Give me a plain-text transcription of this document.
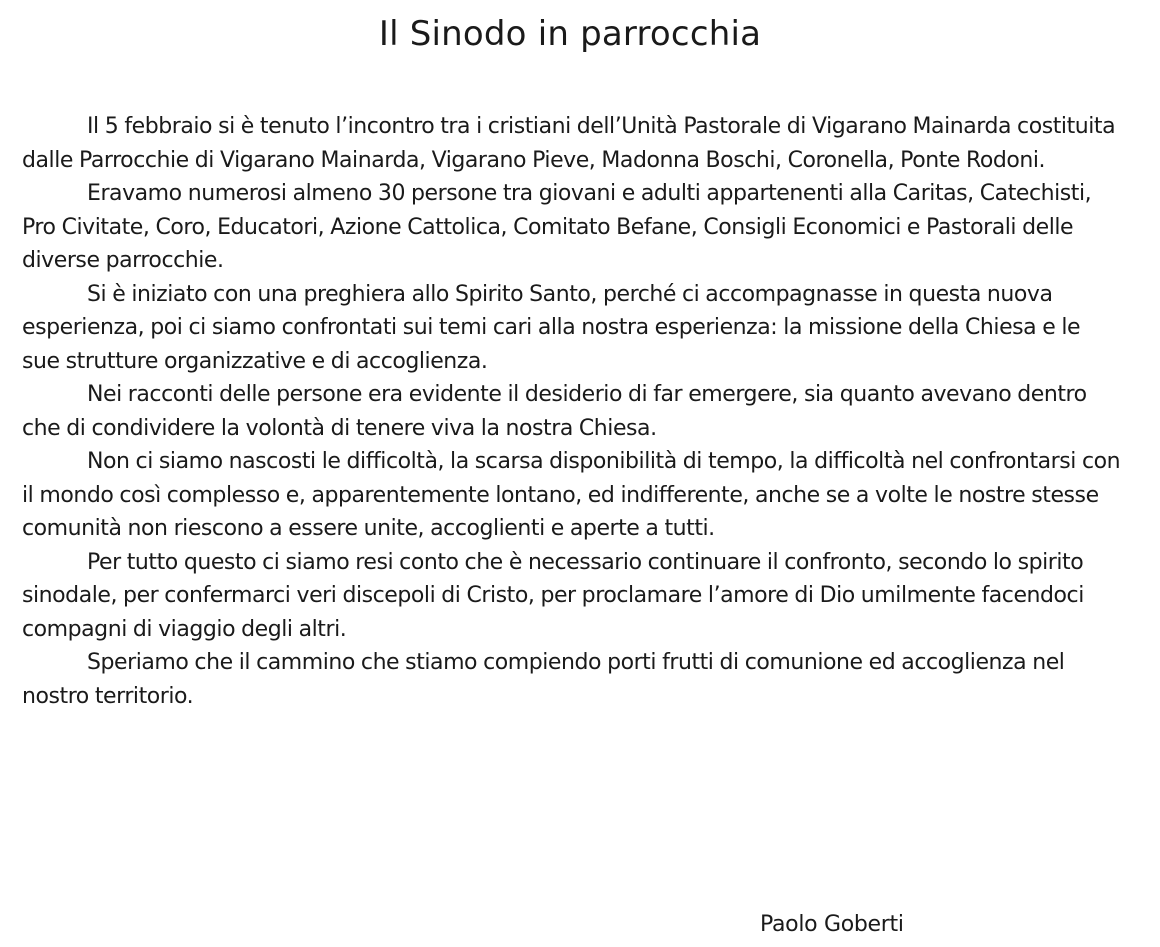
Il Sinodo in parrocchia

Il 5 febbraio si è tenuto l’incontro tra i cristiani dell’Unità Pastorale di Vigarano Mainarda costituita dalle Parrocchie di Vigarano Mainarda, Vigarano Pieve, Madonna Boschi, Coronella, Ponte Rodoni.

Eravamo numerosi almeno 30 persone tra giovani e adulti appartenenti alla Caritas, Catechisti, Pro Civitate, Coro, Educatori, Azione Cattolica, Comitato Befane, Consigli Economici e Pastorali delle diverse parrocchie.

Si è iniziato con una preghiera allo Spirito Santo, perché ci accompagnasse in questa nuova esperienza, poi ci siamo confrontati sui temi cari alla nostra esperienza: la missione della Chiesa e le sue strutture organizzative e di accoglienza.

Nei racconti delle persone era evidente il desiderio di far emergere, sia quanto avevano dentro che di condividere la volontà di tenere viva la nostra Chiesa.

Non ci siamo nascosti le difficoltà, la scarsa disponibilità di tempo, la difficoltà nel confrontarsi con il mondo così complesso e, apparentemente lontano, ed indifferente, anche se a volte le nostre stesse comunità non riescono a essere unite, accoglienti e aperte a tutti.

Per tutto questo ci siamo resi conto che è necessario continuare il confronto, secondo lo spirito sinodale, per confermarci veri discepoli di Cristo, per proclamare l’amore di Dio umilmente facendoci compagni di viaggio degli altri.

Speriamo che il cammino che stiamo compiendo porti frutti di comunione ed accoglienza nel nostro territorio.

Paolo Goberti
